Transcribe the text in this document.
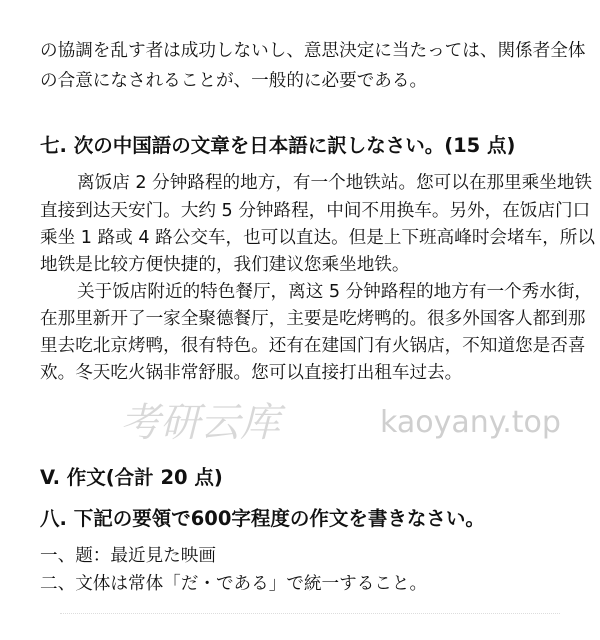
考研云库	kaoyany.top
の協調を乱す者は成功しないし、意思決定に当たっては、関係者全体
の合意になされることが、一般的に必要である。
七. 次の中国語の文章を日本語に訳しなさい。(15 点)
离饭店 2 分钟路程的地方，有一个地铁站。您可以在那里乘坐地铁
直接到达天安门。大约 5 分钟路程，中间不用换车。另外，在饭店门口
乘坐 1 路或 4 路公交车，也可以直达。但是上下班高峰时会堵车，所以
地铁是比较方便快捷的，我们建议您乘坐地铁。
关于饭店附近的特色餐厅，离这 5 分钟路程的地方有一个秀水街，
在那里新开了一家全聚德餐厅，主要是吃烤鸭的。很多外国客人都到那
里去吃北京烤鸭，很有特色。还有在建国门有火锅店，不知道您是否喜
欢。冬天吃火锅非常舒服。您可以直接打出租车过去。
V. 作文(合計 20 点)
八. 下記の要領で600字程度の作文を書きなさい。
一、题：最近見た映画
二、文体は常体「だ・である」で統一すること。
